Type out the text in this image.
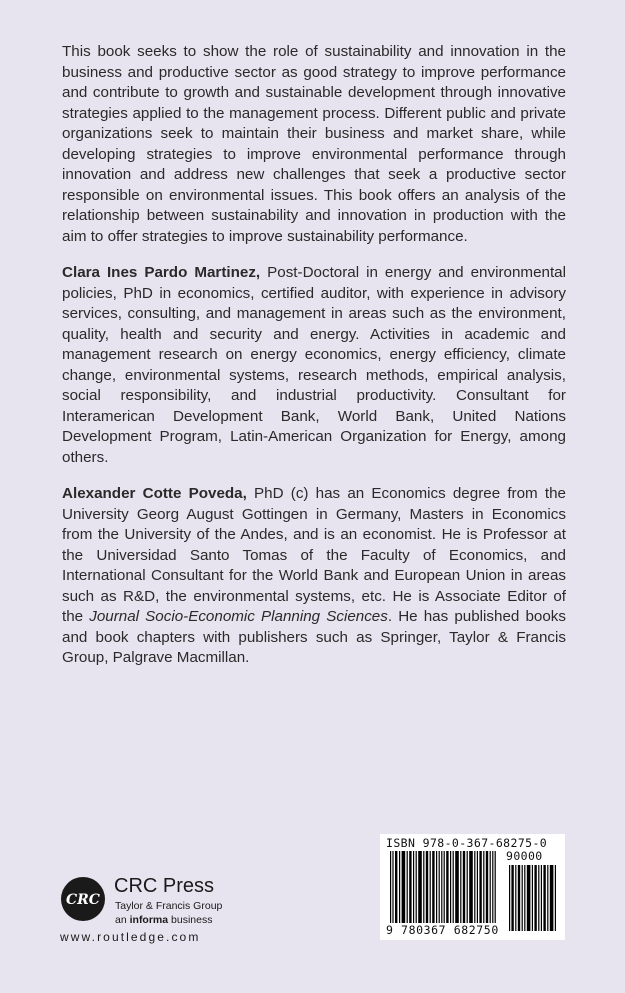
This book seeks to show the role of sustainability and innovation in the business and productive sector as good strategy to improve performance and contribute to growth and sustainable development through innovative strategies applied to the management process. Different public and private organizations seek to maintain their business and market share, while developing strategies to improve environmental performance through innovation and address new challenges that seek a productive sector responsible on environmental issues. This book offers an analysis of the relationship between sustainability and innovation in production with the aim to offer strategies to improve sustainability performance.

Clara Ines Pardo Martinez, Post-Doctoral in energy and environmental policies, PhD in economics, certified auditor, with experience in advisory services, consulting, and management in areas such as the environment, quality, health and security and energy. Activities in academic and management research on energy economics, energy efficiency, climate change, environmental systems, research methods, empirical analysis, social responsibility, and industrial productivity. Consultant for Interamerican Development Bank, World Bank, United Nations Development Program, Latin-American Organization for Energy, among others.

Alexander Cotte Poveda, PhD (c) has an Economics degree from the University Georg August Gottingen in Germany, Masters in Economics from the University of the Andes, and is an economist. He is Professor at the Universidad Santo Tomas of the Faculty of Economics, and International Consultant for the World Bank and European Union in areas such as R&D, the environmental systems, etc. He is Associate Editor of the Journal Socio-Economic Planning Sciences. He has published books and book chapters with publishers such as Springer, Taylor & Francis Group, Palgrave Macmillan.

CRC
CRC Press
Taylor & Francis Group
an informa business
www.routledge.com
ISBN 978-0-367-68275-0
90000
9 780367 682750
